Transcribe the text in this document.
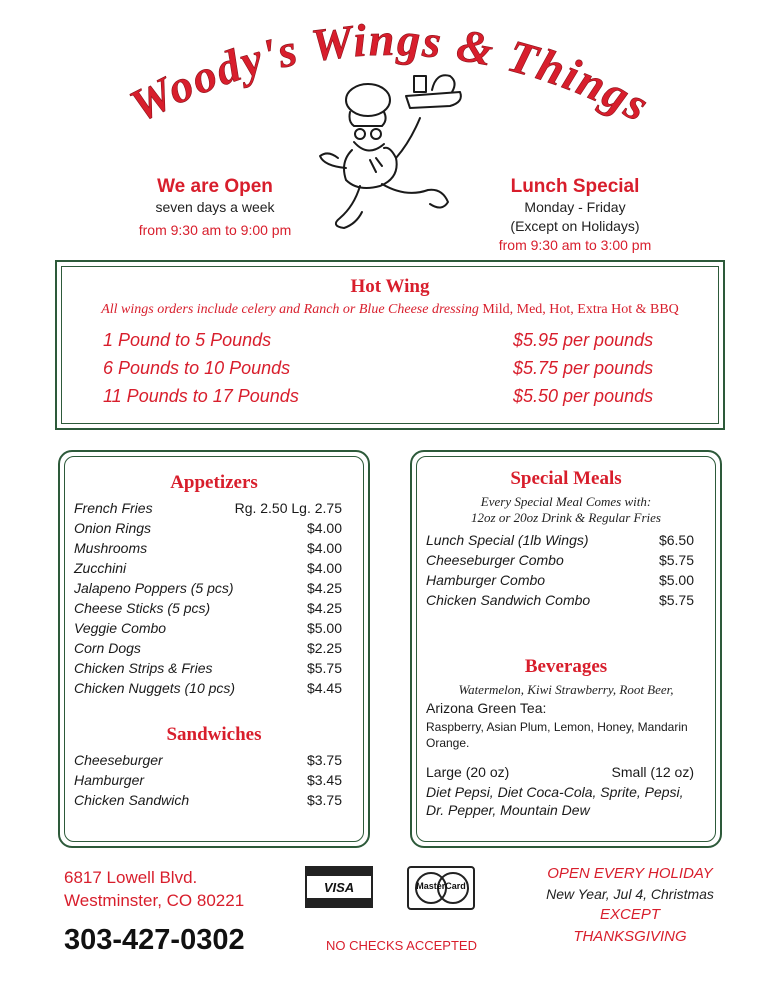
Woody's Wings & Things
We are Open
seven days a week
from 9:30 am to 9:00 pm
Lunch Special
Monday - Friday
(Except on Holidays)
from 9:30 am to 3:00 pm
Hot Wing
All wings orders include celery and Ranch or Blue Cheese dressing Mild, Med, Hot, Extra Hot & BBQ
1 Pound to 5 Pounds	$5.95 per pounds
6 Pounds to 10 Pounds	$5.75 per pounds
11 Pounds to 17 Pounds	$5.50 per pounds
Appetizers
French Fries	Rg. 2.50 Lg. 2.75
Onion Rings	$4.00
Mushrooms	$4.00
Zucchini	$4.00
Jalapeno Poppers (5 pcs)	$4.25
Cheese Sticks (5 pcs)	$4.25
Veggie Combo	$5.00
Corn Dogs	$2.25
Chicken Strips & Fries	$5.75
Chicken Nuggets (10 pcs)	$4.45
Sandwiches
Cheeseburger	$3.75
Hamburger	$3.45
Chicken Sandwich	$3.75
Special Meals
Every Special Meal Comes with:
12oz or 20oz Drink & Regular Fries
Lunch Special (1lb Wings)	$6.50
Cheeseburger Combo	$5.75
Hamburger Combo	$5.00
Chicken Sandwich Combo	$5.75
Beverages
Watermelon, Kiwi Strawberry, Root Beer,
Arizona Green Tea:
Raspberry, Asian Plum, Lemon, Honey, Mandarin
Orange.
Large (20 oz)	Small (12 oz)
Diet Pepsi, Diet Coca-Cola, Sprite, Pepsi,
Dr. Pepper, Mountain Dew
6817 Lowell Blvd.
Westminster, CO 80221
303-427-0302
VISA	MasterCard
NO CHECKS ACCEPTED
OPEN EVERY HOLIDAY
New Year, Jul 4, Christmas
EXCEPT
THANKSGIVING
